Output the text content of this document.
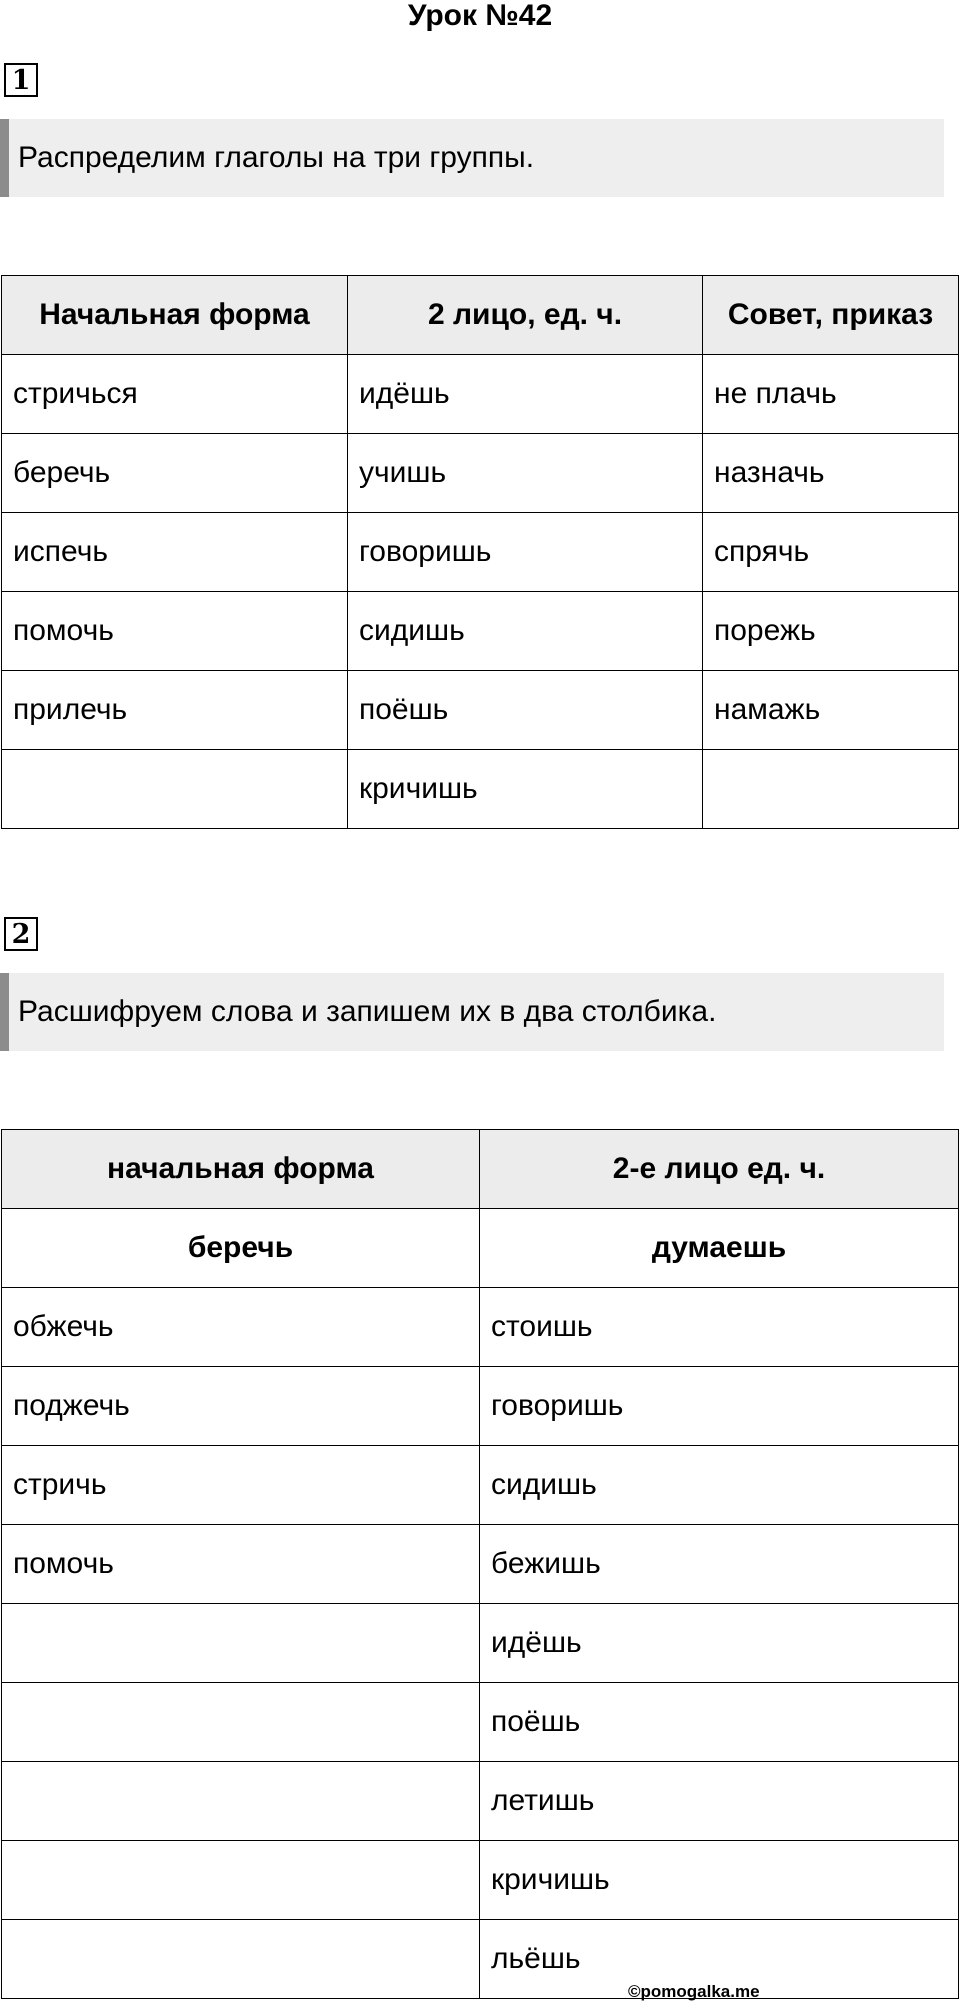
Урок №42
1
Распределим глаголы на три группы.
Начальная форма	2 лицо, ед. ч.	Совет, приказ
стричься	идёшь	не плачь
беречь	учишь	назначь
испечь	говоришь	спрячь
помочь	сидишь	порежь
прилечь	поёшь	намажь
	кричишь	
2
Расшифруем слова и запишем их в два столбика.
начальная форма	2-е лицо ед. ч.
беречь	думаешь
обжечь	стоишь
поджечь	говоришь
стричь	сидишь
помочь	бежишь
	идёшь
	поёшь
	летишь
	кричишь
	льёшь
©pomogalka.me
